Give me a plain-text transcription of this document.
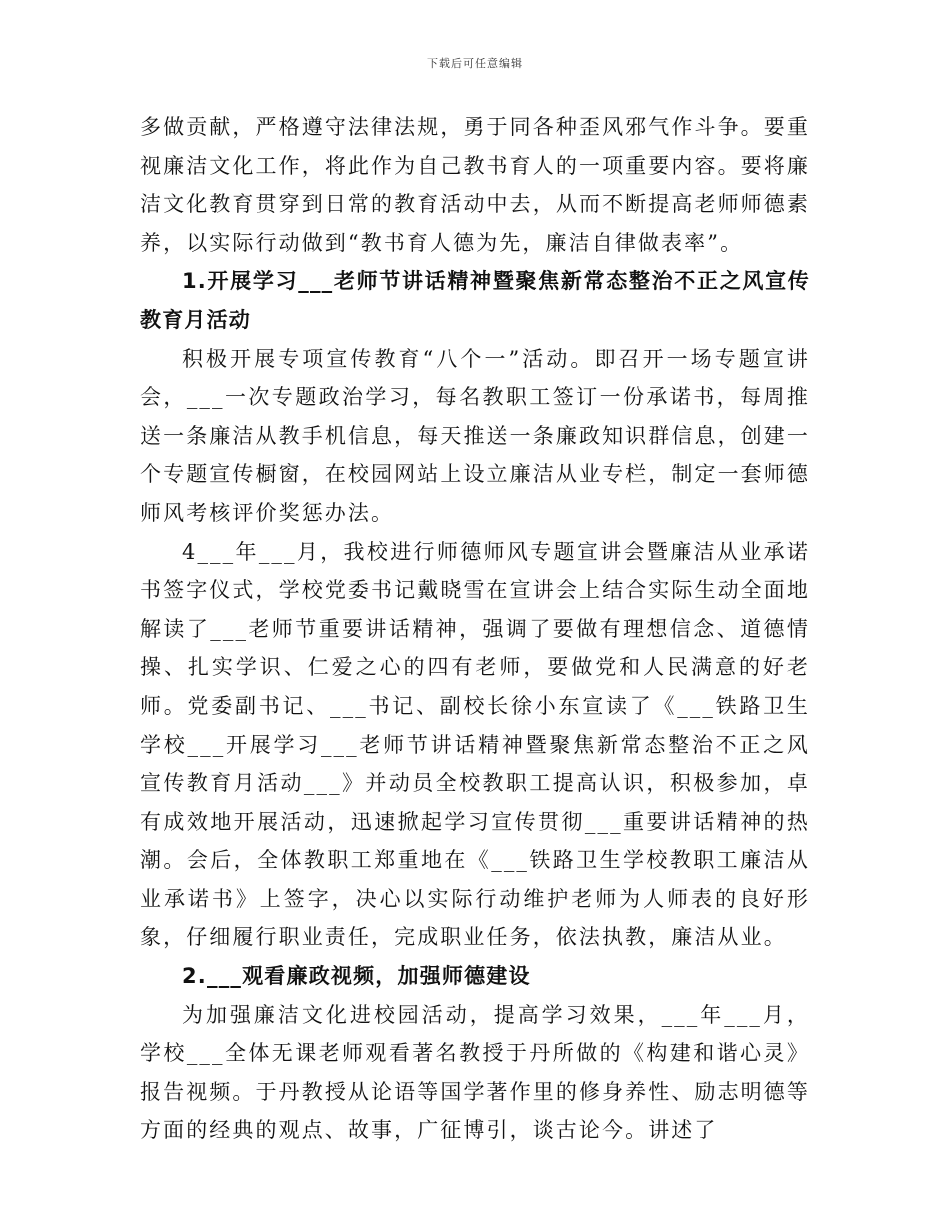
下载后可任意编辑

多做贡献，严格遵守法律法规，勇于同各种歪风邪气作斗争。要重视廉洁文化工作，将此作为自己教书育人的一项重要内容。要将廉洁文化教育贯穿到日常的教育活动中去，从而不断提高老师师德素养，以实际行动做到“教书育人德为先，廉洁自律做表率”。

1.开展学习___老师节讲话精神暨聚焦新常态整治不正之风宣传教育月活动

积极开展专项宣传教育“八个一”活动。即召开一场专题宣讲会，___一次专题政治学习，每名教职工签订一份承诺书，每周推送一条廉洁从教手机信息，每天推送一条廉政知识群信息，创建一个专题宣传橱窗，在校园网站上设立廉洁从业专栏，制定一套师德师风考核评价奖惩办法。

4___年___月，我校进行师德师风专题宣讲会暨廉洁从业承诺书签字仪式，学校党委书记戴晓雪在宣讲会上结合实际生动全面地解读了___老师节重要讲话精神，强调了要做有理想信念、道德情操、扎实学识、仁爱之心的四有老师，要做党和人民满意的好老师。党委副书记、___书记、副校长徐小东宣读了《___铁路卫生学校___开展学习___老师节讲话精神暨聚焦新常态整治不正之风宣传教育月活动___》并动员全校教职工提高认识，积极参加，卓有成效地开展活动，迅速掀起学习宣传贯彻___重要讲话精神的热潮。会后，全体教职工郑重地在《___铁路卫生学校教职工廉洁从业承诺书》上签字，决心以实际行动维护老师为人师表的良好形象，仔细履行职业责任，完成职业任务，依法执教，廉洁从业。

2.___观看廉政视频，加强师德建设

为加强廉洁文化进校园活动，提高学习效果，___年___月，学校___全体无课老师观看著名教授于丹所做的《构建和谐心灵》报告视频。于丹教授从论语等国学著作里的修身养性、励志明德等方面的经典的观点、故事，广征博引，谈古论今。讲述了
